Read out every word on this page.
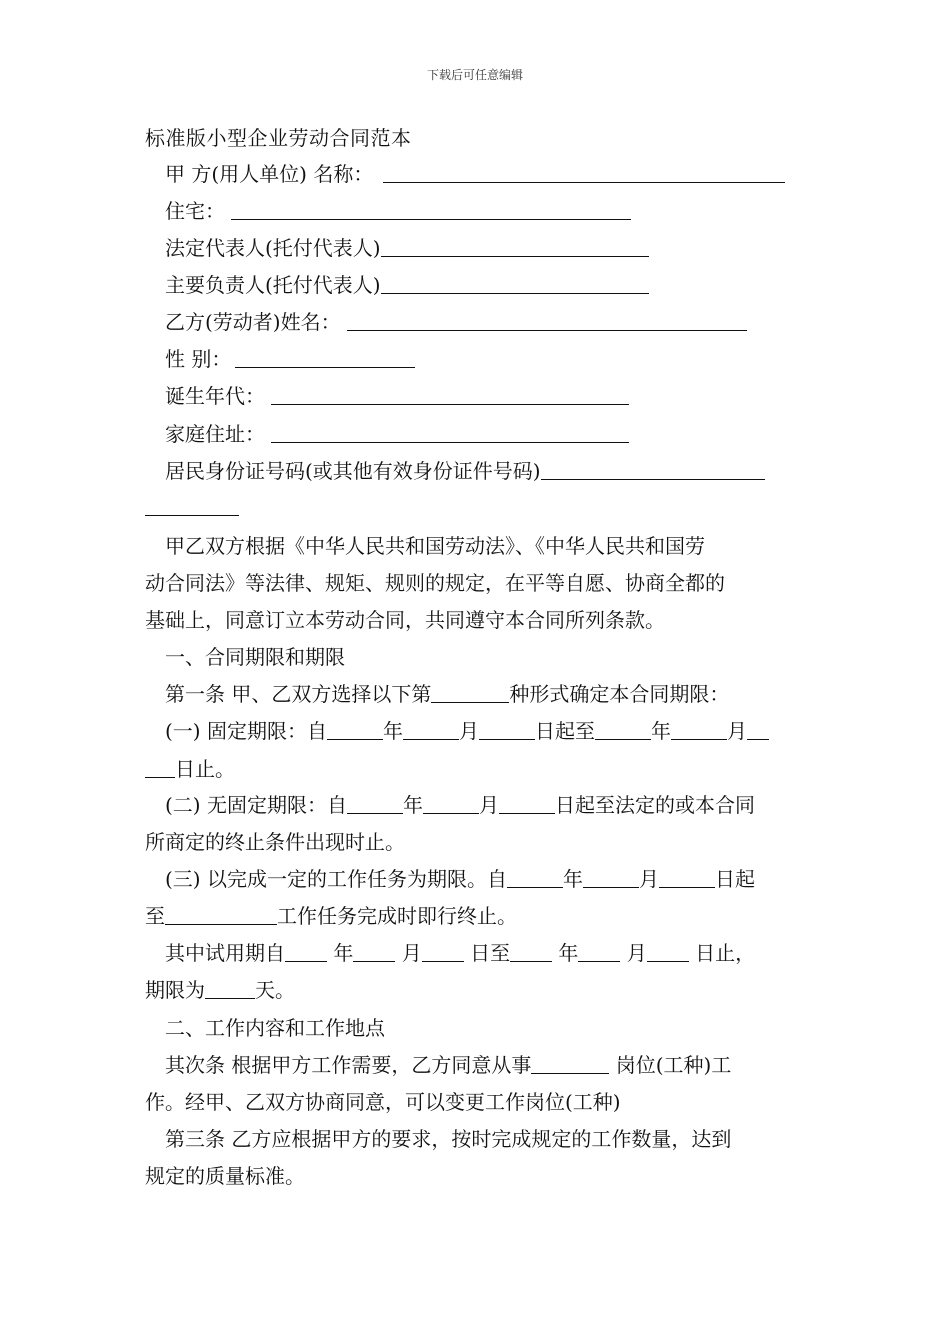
下载后可任意编辑
标准版小型企业劳动合同范本
甲 方(用人单位) 名称：
住宅：
法定代表人(托付代表人)
主要负责人(托付代表人)
乙方(劳动者)姓名：
性 别：
诞生年代：
家庭住址：
居民身份证号码(或其他有效身份证件号码)
甲乙双方根据《中华人民共和国劳动法》、《中华人民共和国劳
动合同法》等法律、规矩、规则的规定，在平等自愿、协商全都的
基础上，同意订立本劳动合同，共同遵守本合同所列条款。
一、合同期限和期限
第一条 甲、乙双方选择以下第	种形式确定本合同期限：
(一) 固定期限：自	年	月	日起至	年	月
日止。
(二) 无固定期限：自	年	月	日起至法定的或本合同
所商定的终止条件出现时止。
(三) 以完成一定的工作任务为期限。自	年	月	日起
至	工作任务完成时即行终止。
其中试用期自 年 月 日至 年 月 日止，
期限为	天。
二、工作内容和工作地点
其次条 根据甲方工作需要，乙方同意从事	岗位(工种)工
作。经甲、乙双方协商同意，可以变更工作岗位(工种)
第三条 乙方应根据甲方的要求，按时完成规定的工作数量，达到
规定的质量标准。
